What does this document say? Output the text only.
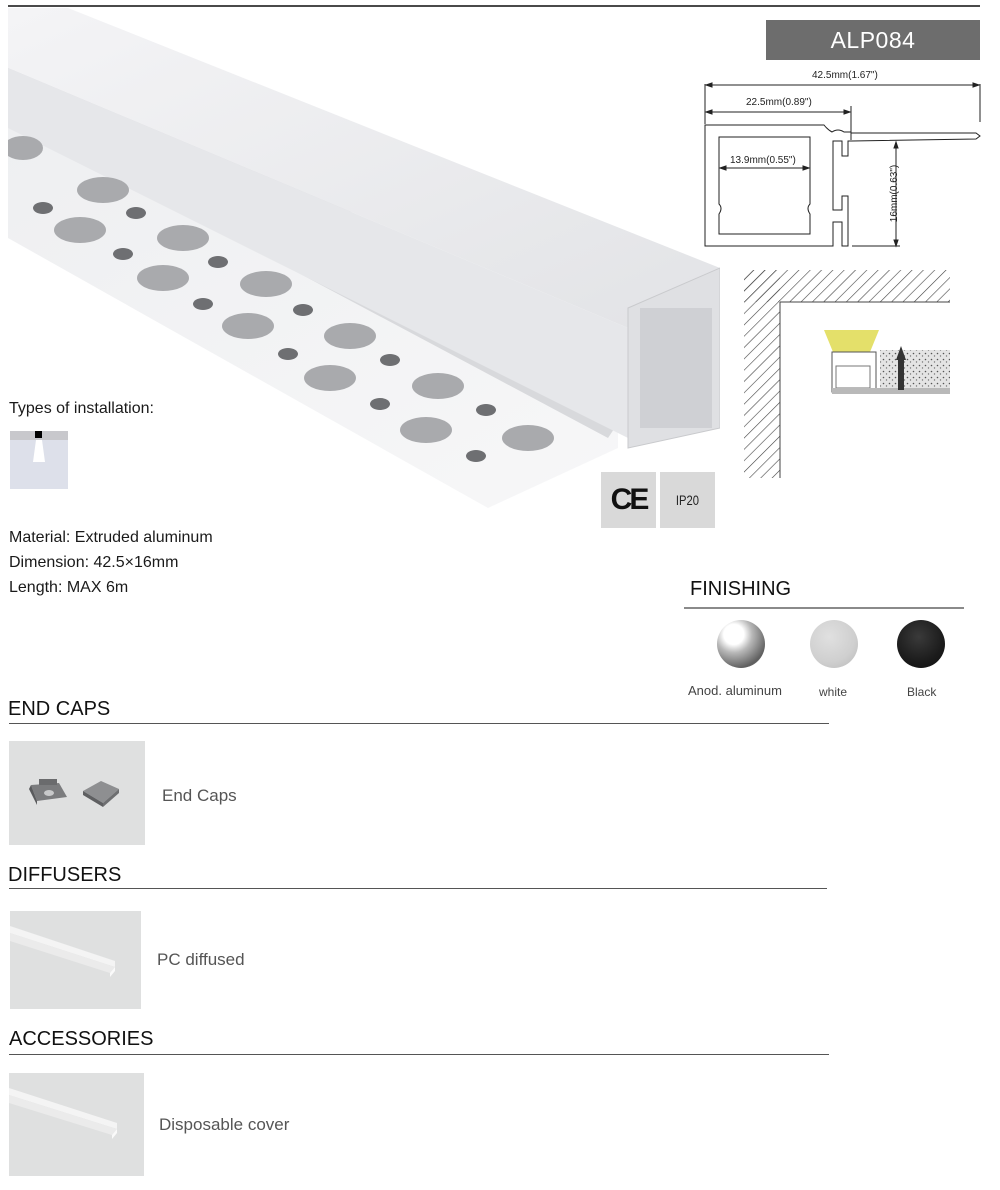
ALP084
42.5mm(1.67")
22.5mm(0.89")
13.9mm(0.55")
16mm(0.63")
Types of installation:
CE	IP20
Material: Extruded aluminum
Dimension: 42.5×16mm
Length: MAX 6m	FINISHING
Anod. aluminum	white	Black
END CAPS
End Caps
DIFFUSERS
PC diffused
ACCESSORIES
Disposable cover
